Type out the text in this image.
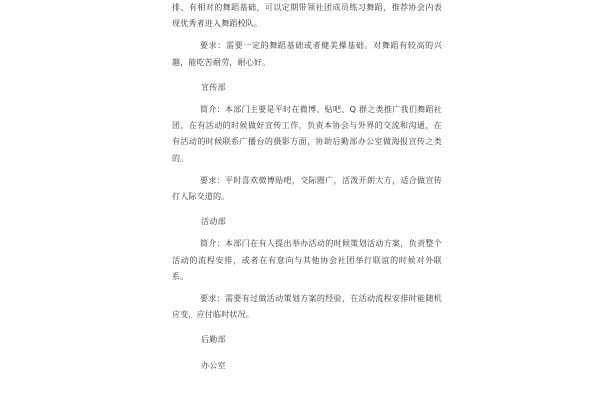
排、有相对的舞蹈基础，可以定期带领社团成员练习舞蹈，推荐协会内表现优秀者进入舞蹈校队。

要求：需要一定的舞蹈基础或者健美操基础。对舞蹈有较高的兴趣，能吃苦耐劳，耐心好。

宣传部

简介：本部门主要是平时在微博、贴吧、Q 群之类推广我们舞蹈社团，在有活动的时候做好宣传工作，负责本协会与外界的交流和沟通，在有活动的时候联系广播台的摄影方面，协助后勤部办公室做海报宣传之类的。

要求：平时喜欢微博贴吧，交际圈广，活泼开朗大方，适合做宣传打人际交道的。

活动部

简介：本部门在有人提出举办活动的时候策划活动方案，负责整个活动的流程安排，或者在有意向与其他协会社团举行联谊的时候对外联系。

要求：需要有过做活动策划方案的经验，在活动流程安排时能随机应变，应付临时状况。

后勤部

办公室
